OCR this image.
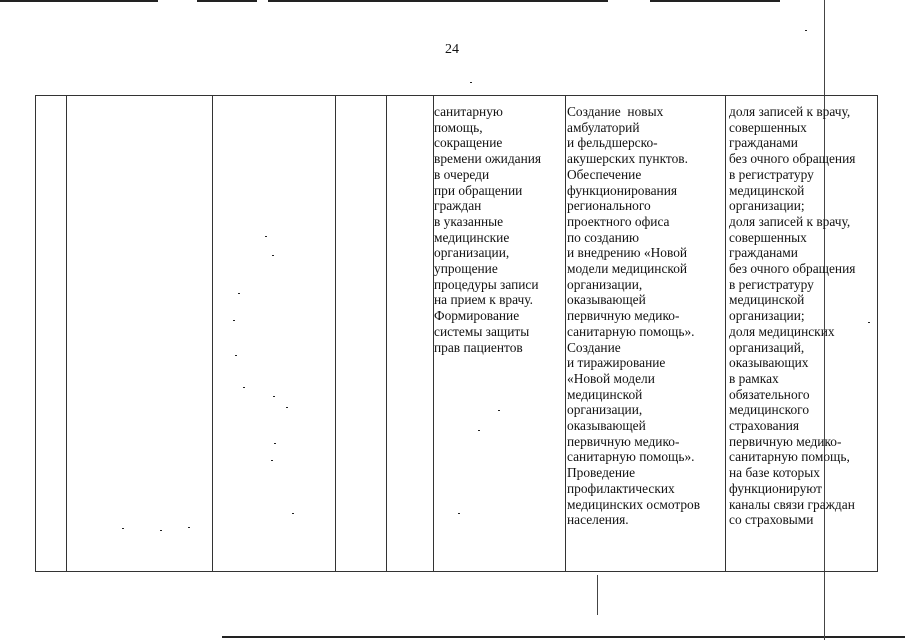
24
санитарную
помощь,
сокращение
времени ожидания
в очереди
при обращении
граждан
в указанные
медицинские
организации,
упрощение
процедуры записи
на прием к врачу.
Формирование
системы защиты
прав пациентов
Создание  новых
амбулаторий
и фельдшерско-
акушерских пунктов.
Обеспечение
функционирования
регионального
проектного офиса
по созданию
и внедрению «Новой
модели медицинской
организации,
оказывающей
первичную медико-
санитарную помощь».
Создание
и тиражирование
«Новой модели
медицинской
организации,
оказывающей
первичную медико-
санитарную помощь».
Проведение
профилактических
медицинских осмотров
населения.
доля записей к врачу,
совершенных
гражданами
без очного обращения
в регистратуру
медицинской
организации;
доля записей к врачу,
совершенных
гражданами
без очного обращения
в регистратуру
медицинской
организации;
доля медицинских
организаций,
оказывающих
в рамках
обязательного
медицинского
страхования
первичную медико-
санитарную помощь,
на базе которых
функционируют
каналы связи граждан
со страховыми
